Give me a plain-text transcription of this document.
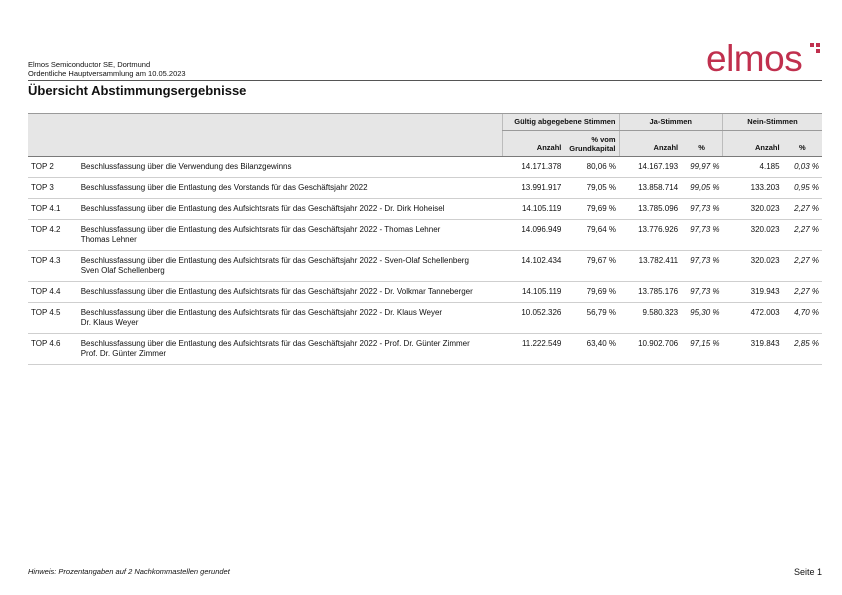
Elmos Semiconductor SE, Dortmund
Ordentliche Hauptversammlung am 10.05.2023	elmos
Übersicht Abstimmungsergebnisse
		Gültig abgegebene Stimmen		Ja-Stimmen		Nein-Stimmen	
		Anzahl	% vom Grundkapital	Anzahl	%	Anzahl	%
TOP 2	Beschlussfassung über die Verwendung des Bilanzgewinns	14.171.378	80,06 %	14.167.193	99,97 %	4.185	0,03 %
TOP 3	Beschlussfassung über die Entlastung des Vorstands für das Geschäftsjahr 2022	13.991.917	79,05 %	13.858.714	99,05 %	133.203	0,95 %
TOP 4.1	Beschlussfassung über die Entlastung des Aufsichtsrats für das Geschäftsjahr 2022 - Dr. Dirk Hoheisel	14.105.119	79,69 %	13.785.096	97,73 %	320.023	2,27 %
TOP 4.2	Beschlussfassung über die Entlastung des Aufsichtsrats für das Geschäftsjahr 2022 - Thomas Lehner
Thomas Lehner	14.096.949	79,64 %	13.776.926	97,73 %	320.023	2,27 %
TOP 4.3	Beschlussfassung über die Entlastung des Aufsichtsrats für das Geschäftsjahr 2022 - Sven-Olaf Schellenberg
Sven Olaf Schellenberg	14.102.434	79,67 %	13.782.411	97,73 %	320.023	2,27 %
TOP 4.4	Beschlussfassung über die Entlastung des Aufsichtsrats für das Geschäftsjahr 2022 - Dr. Volkmar Tanneberger	14.105.119	79,69 %	13.785.176	97,73 %	319.943	2,27 %
TOP 4.5	Beschlussfassung über die Entlastung des Aufsichtsrats für das Geschäftsjahr 2022 - Dr. Klaus Weyer
Dr. Klaus Weyer	10.052.326	56,79 %	9.580.323	95,30 %	472.003	4,70 %
TOP 4.6	Beschlussfassung über die Entlastung des Aufsichtsrats für das Geschäftsjahr 2022 - Prof. Dr. Günter Zimmer
Prof. Dr. Günter Zimmer	11.222.549	63,40 %	10.902.706	97,15 %	319.843	2,85 %
Hinweis: Prozentangaben auf 2 Nachkommastellen gerundet	Seite 1
